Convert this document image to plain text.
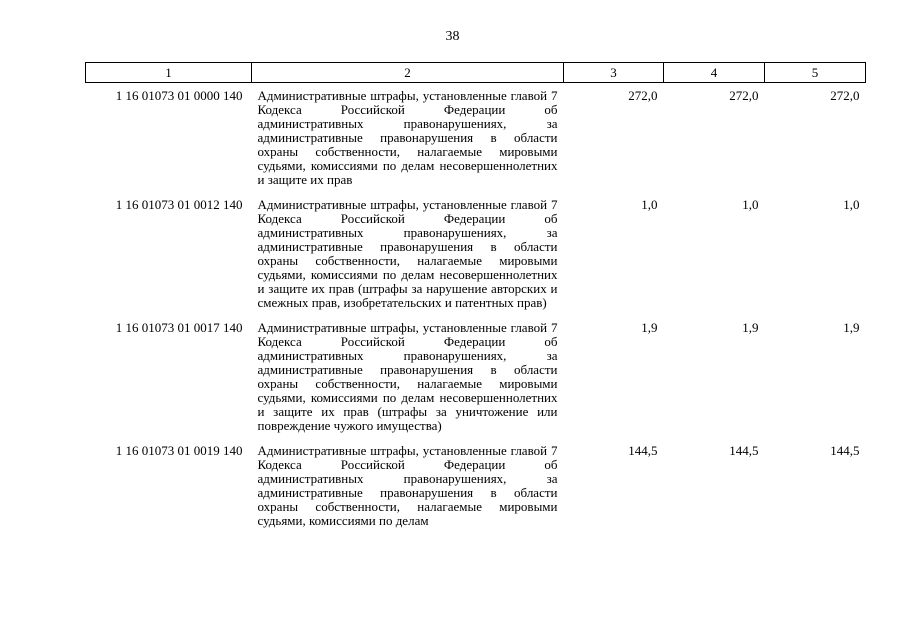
38
1	2	3	4	5
1 16 01073 01 0000 140	Административные штрафы, установленные главой 7 Кодекса Российской Федерации об административных правонарушениях, за административные правонарушения в области охраны собственности, налагаемые мировыми судьями, комиссиями по делам несовершеннолетних и защите их прав	272,0	272,0	272,0
1 16 01073 01 0012 140	Административные штрафы, установленные главой 7 Кодекса Российской Федерации об административных правонарушениях, за административные правонарушения в области охраны собственности, налагаемые мировыми судьями, комиссиями по делам несовершеннолетних и защите их прав (штрафы за нарушение авторских и смежных прав, изобретательских и патентных прав)	1,0	1,0	1,0
1 16 01073 01 0017 140	Административные штрафы, установленные главой 7 Кодекса Российской Федерации об административных правонарушениях, за административные правонарушения в области охраны собственности, налагаемые мировыми судьями, комиссиями по делам несовершеннолетних и защите их прав (штрафы за уничтожение или повреждение чужого имущества)	1,9	1,9	1,9
1 16 01073 01 0019 140	Административные штрафы, установленные главой 7 Кодекса Российской Федерации об административных правонарушениях, за административные правонарушения в области охраны собственности, налагаемые мировыми судьями, комиссиями по делам	144,5	144,5	144,5
